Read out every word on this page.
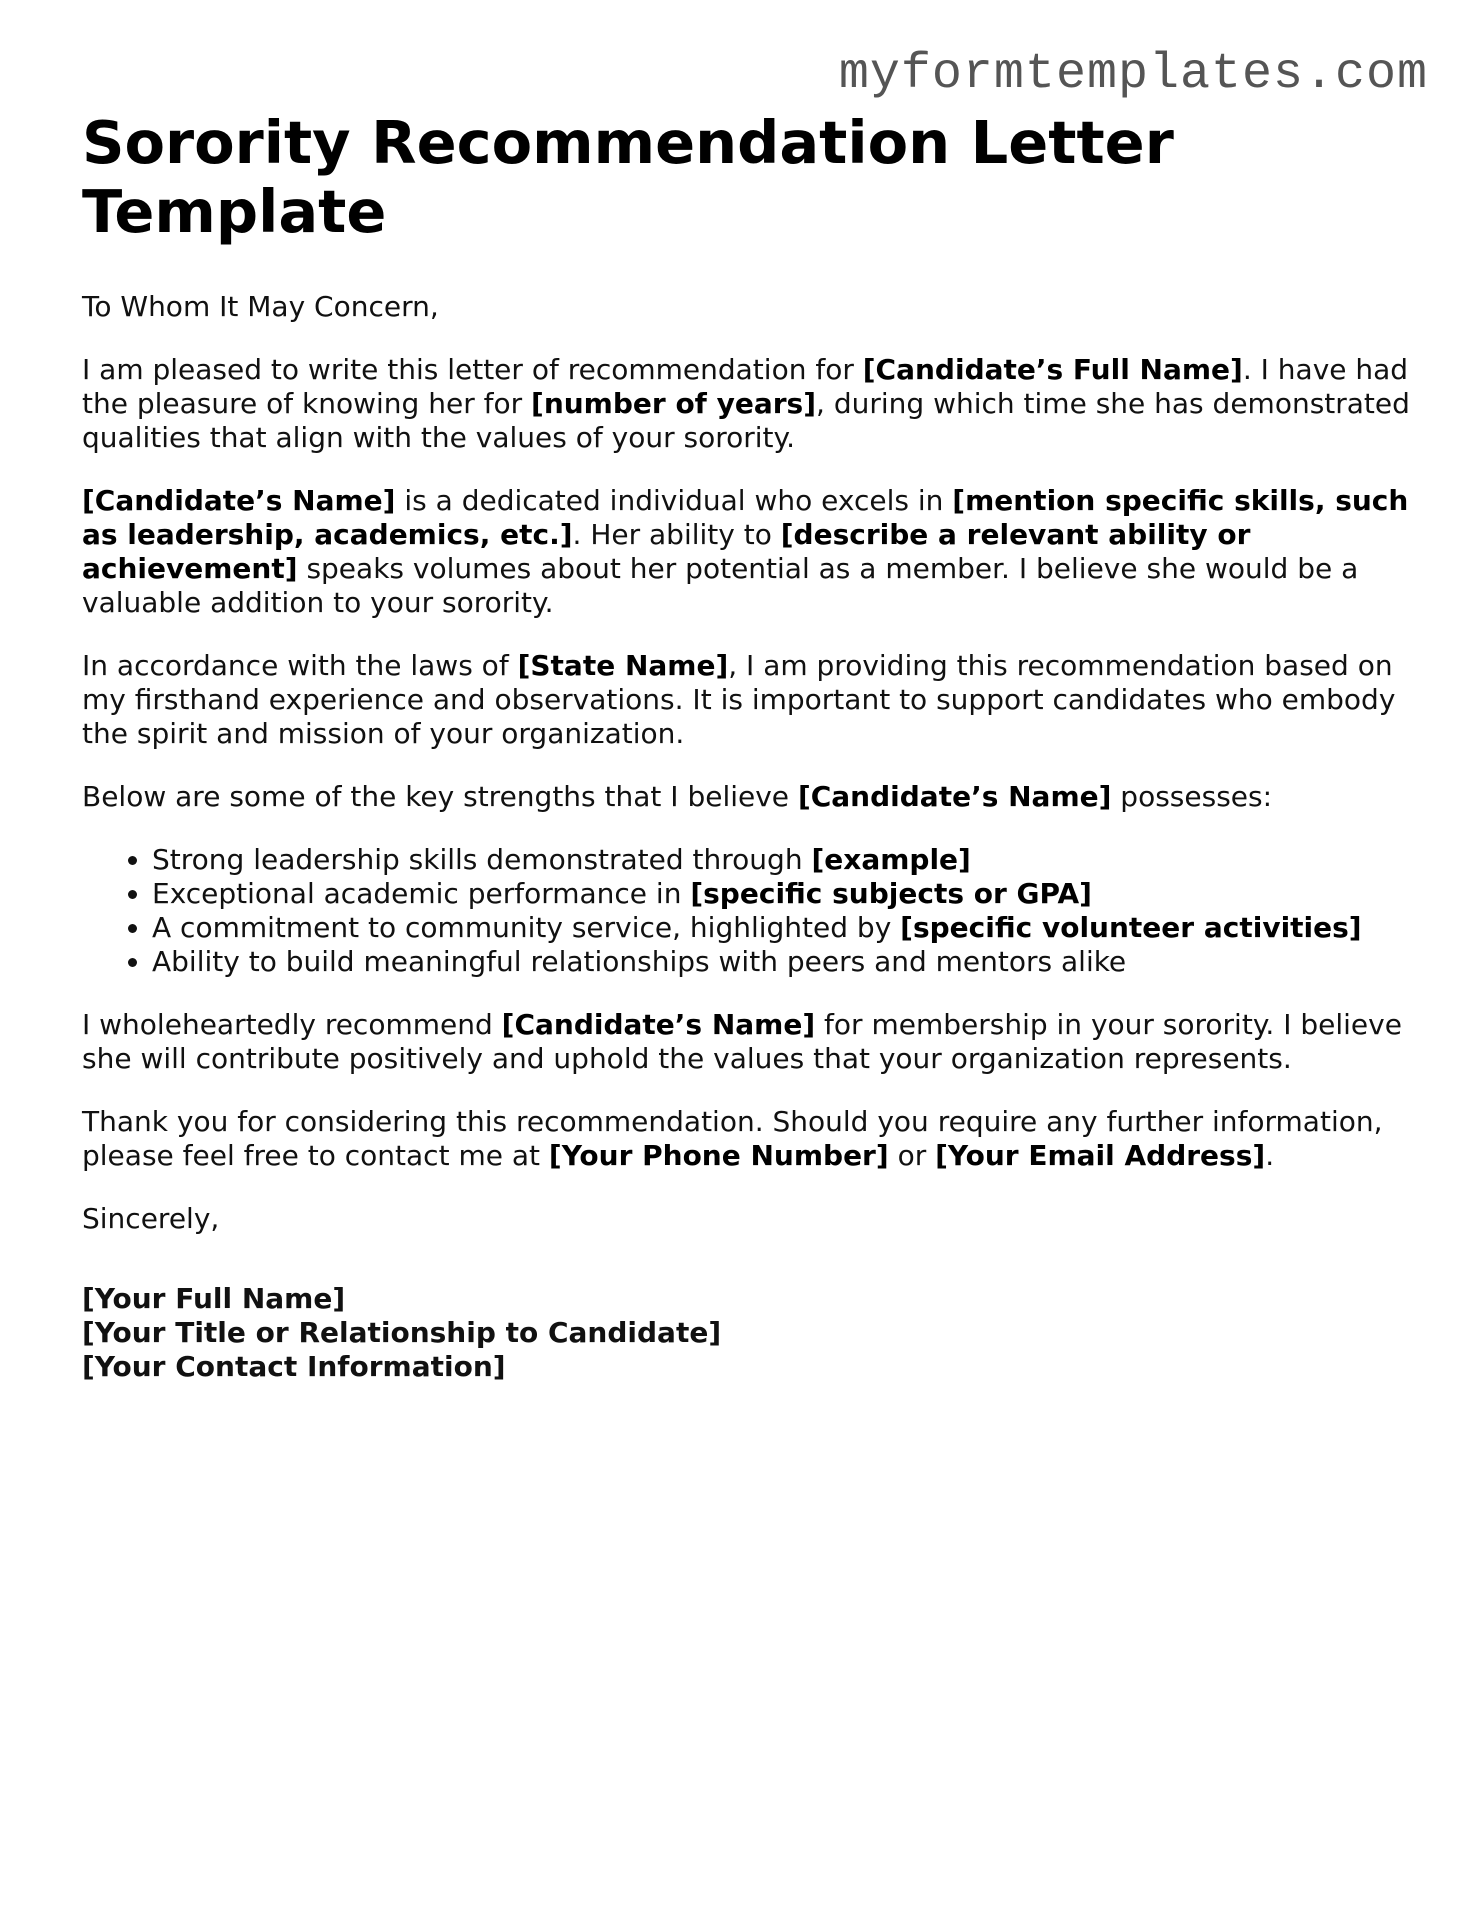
myformtemplates.com
Sorority Recommendation Letter Template

To Whom It May Concern,

I am pleased to write this letter of recommendation for [Candidate’s Full Name]. I have had the pleasure of knowing her for [number of years], during which time she has demonstrated qualities that align with the values of your sorority.

[Candidate’s Name] is a dedicated individual who excels in [mention specific skills, such as leadership, academics, etc.]. Her ability to [describe a relevant ability or achievement] speaks volumes about her potential as a member. I believe she would be a valuable addition to your sorority.

In accordance with the laws of [State Name], I am providing this recommendation based on my firsthand experience and observations. It is important to support candidates who embody the spirit and mission of your organization.

Below are some of the key strengths that I believe [Candidate’s Name] possesses:

• Strong leadership skills demonstrated through [example]
• Exceptional academic performance in [specific subjects or GPA]
• A commitment to community service, highlighted by [specific volunteer activities]
• Ability to build meaningful relationships with peers and mentors alike

I wholeheartedly recommend [Candidate’s Name] for membership in your sorority. I believe she will contribute positively and uphold the values that your organization represents.

Thank you for considering this recommendation. Should you require any further information, please feel free to contact me at [Your Phone Number] or [Your Email Address].

Sincerely,

[Your Full Name]
[Your Title or Relationship to Candidate]
[Your Contact Information]
